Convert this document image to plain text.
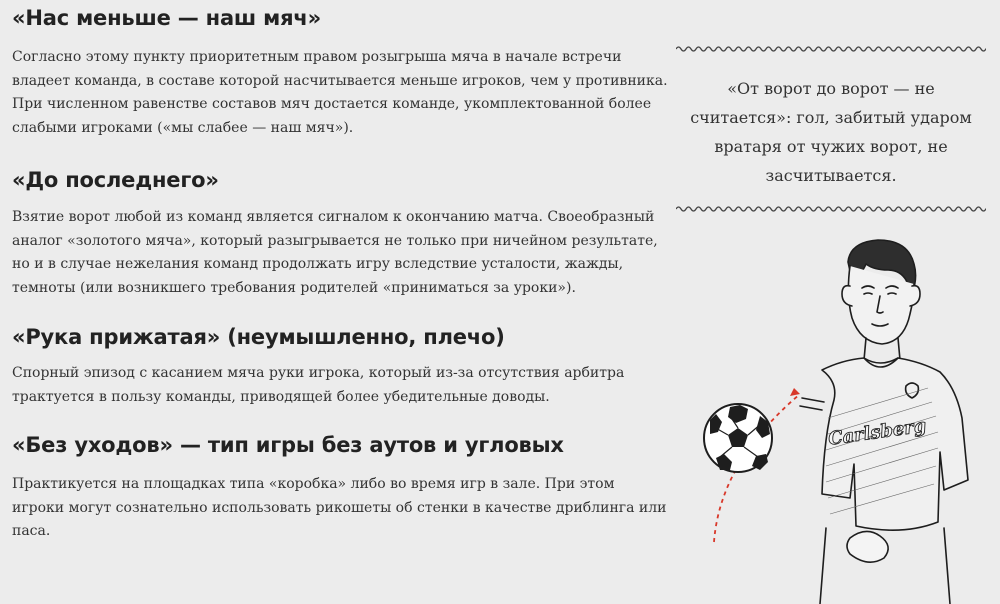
«Нас меньше — наш мяч»
Согласно этому пункту приоритетным правом розыгрыша мяча в начале встречи
владеет команда, в составе которой насчитывается меньше игроков, чем у противника.
При численном равенстве составов мяч достается команде, укомплектованной более
слабыми игроками («мы слабее — наш мяч»).
«До последнего»
Взятие ворот любой из команд является сигналом к окончанию матча. Своеобразный
аналог «золотого мяча», который разыгрывается не только при ничейном результате,
но и в случае нежелания команд продолжать игру вследствие усталости, жажды,
темноты (или возникшего требования родителей «приниматься за уроки»).
«Рука прижатая» (неумышленно, плечо)
Спорный эпизод с касанием мяча руки игрока, который из-за отсутствия арбитра
трактуется в пользу команды, приводящей более убедительные доводы.
«Без уходов» — тип игры без аутов и угловых
Практикуется на площадках типа «коробка» либо во время игр в зале. При этом
игроки могут сознательно использовать рикошеты об стенки в качестве дриблинга или
паса.
«От ворот до ворот — не
считается»: гол, забитый ударом
вратаря от чужих ворот, не
засчитывается.
Carlsberg
